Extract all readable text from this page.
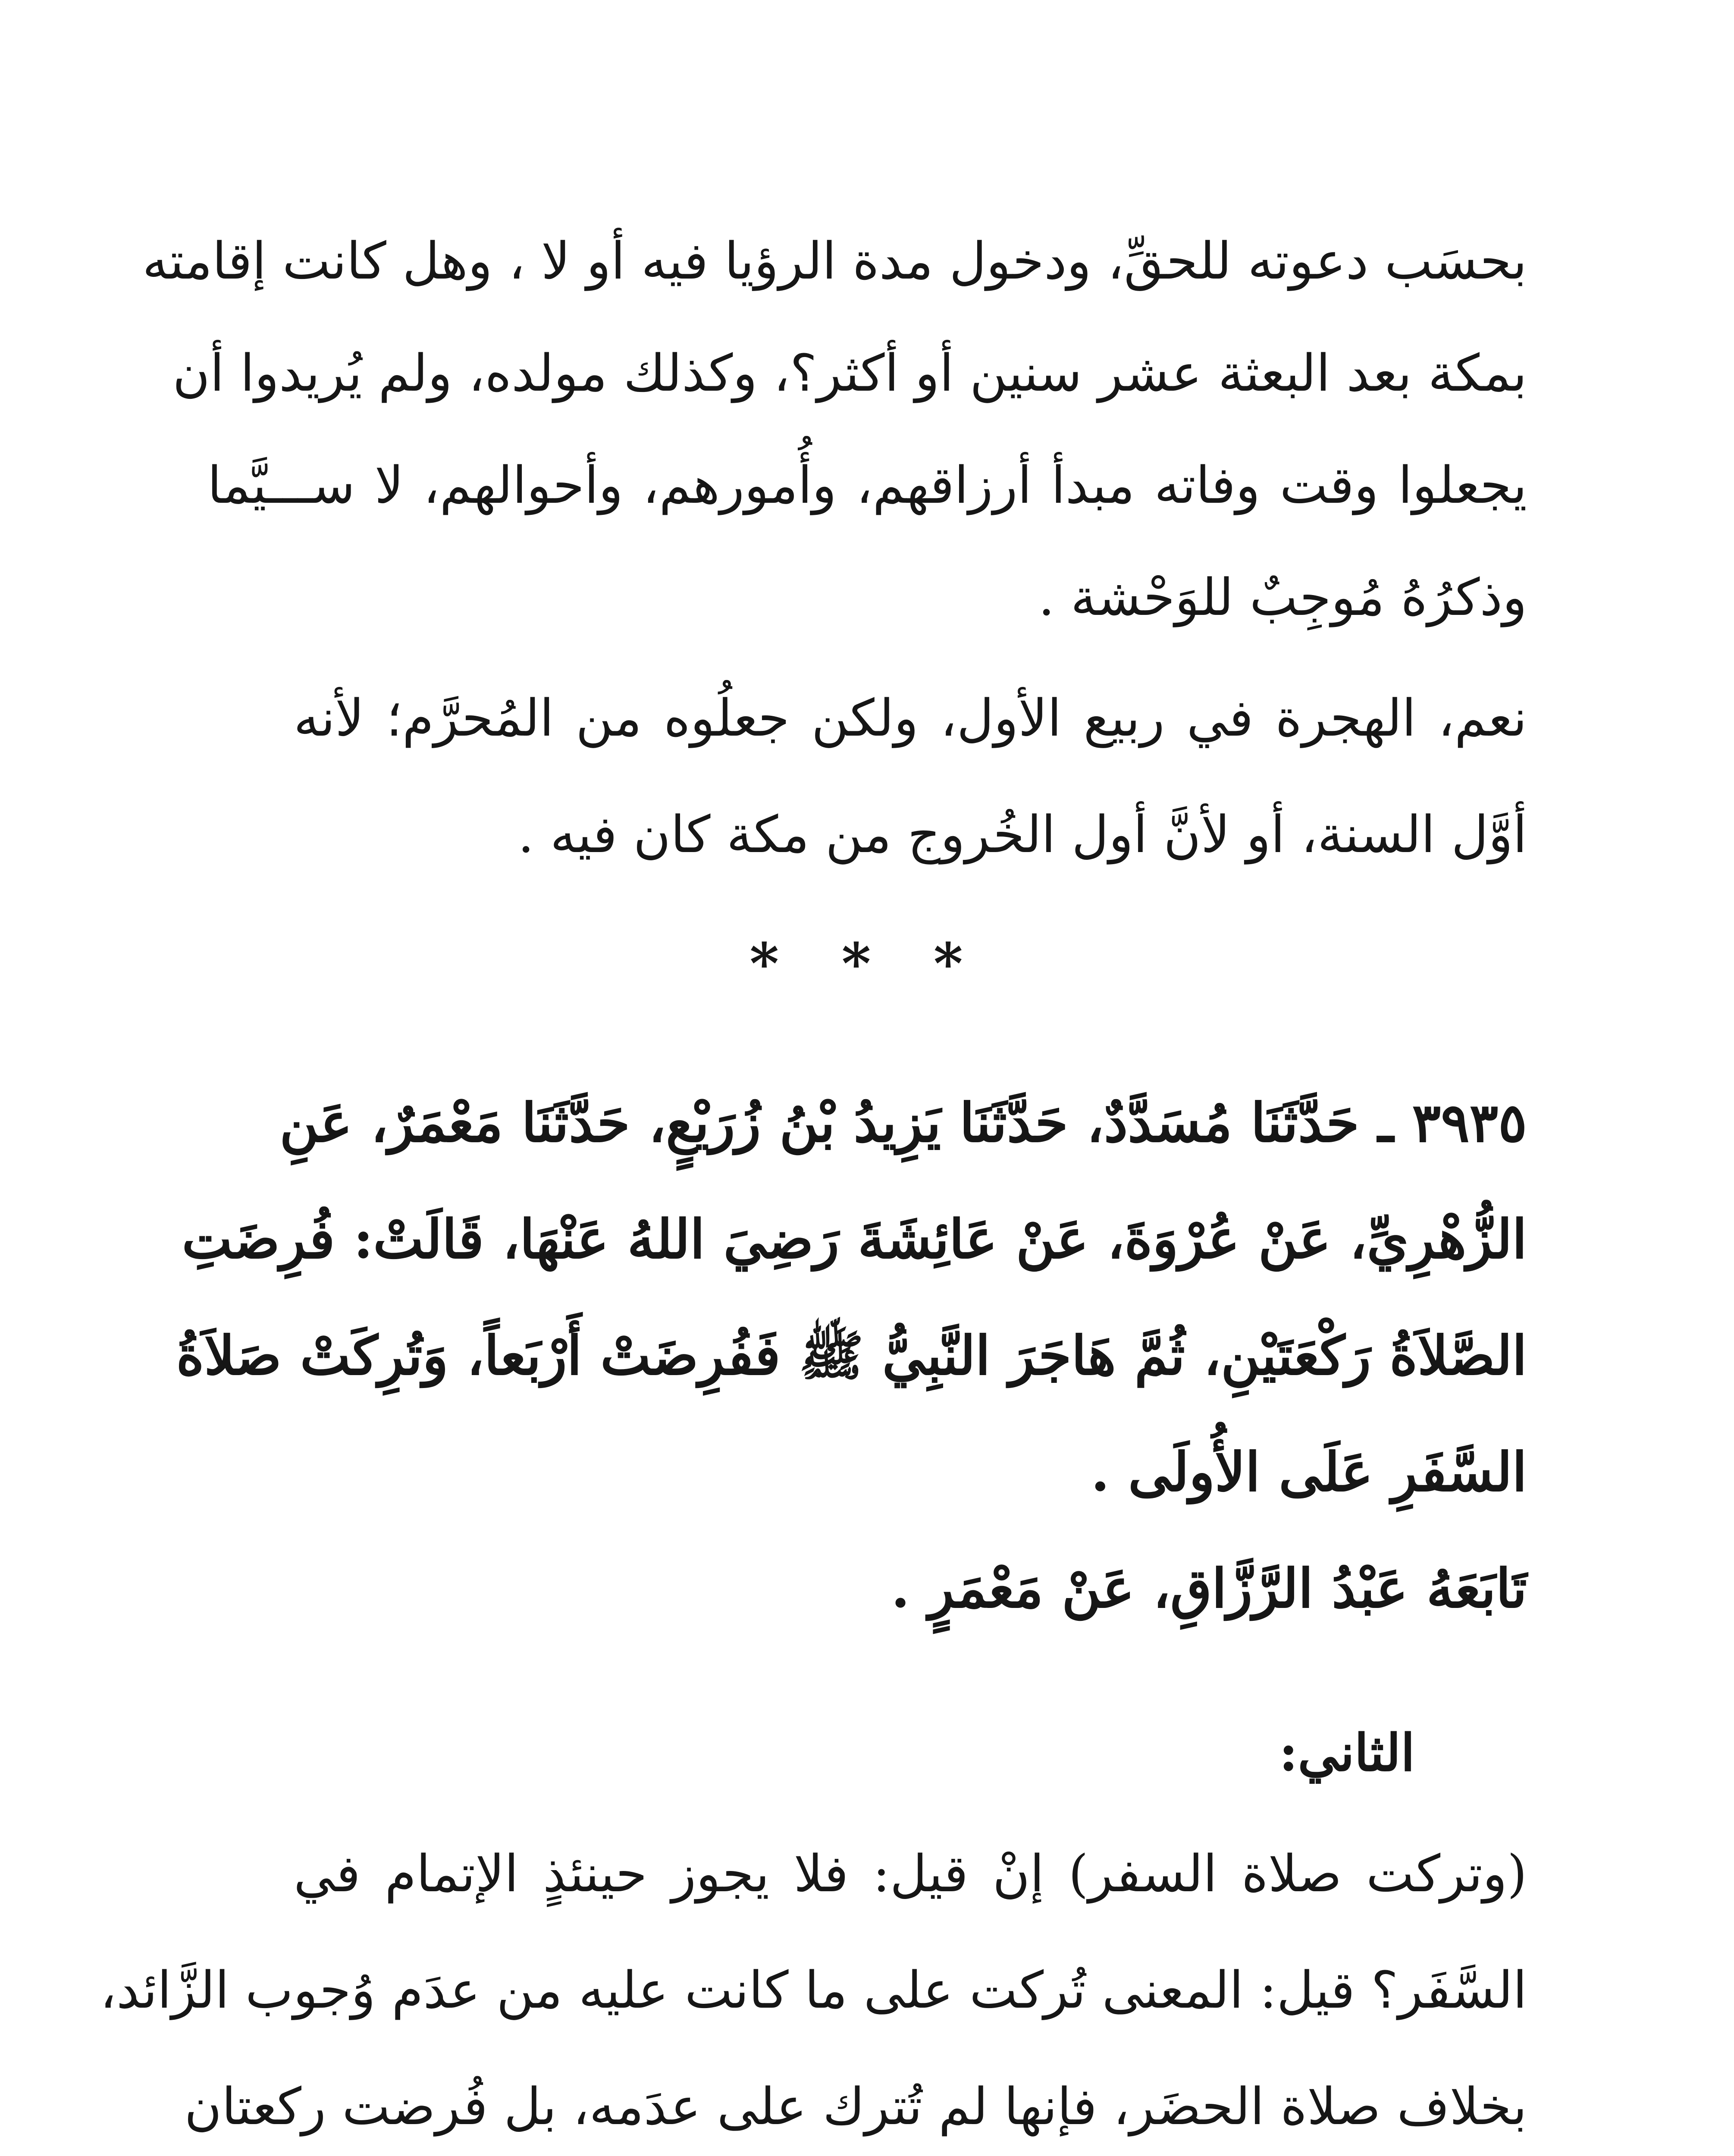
بحسَب دعوته للحقِّ، ودخول مدة الرؤيا فيه أو لا ، وهل كانت إقامته
بمكة بعد البعثة عشر سنين أو أكثر؟، وكذلك مولده، ولم يُريدوا أن
يجعلوا وقت وفاته مبدأ أرزاقهم، وأُمورهم، وأحوالهم، لا ســـيَّما
وذكرُهُ مُوجِبٌ للوَحْشة .
نعم، الهجرة في ربيع الأول، ولكن جعلُوه من المُحرَّم؛ لأنه
أوَّل السنة، أو لأنَّ أول الخُروج من مكة كان فيه .
* * *
٣٩٣٥ ـ حَدَّثَنَا مُسَدَّدٌ، حَدَّثَنَا يَزِيدُ بْنُ زُرَيْعٍ، حَدَّثَنَا مَعْمَرٌ، عَنِ
الزُّهْرِيِّ، عَنْ عُرْوَةَ، عَنْ عَائِشَةَ رَضِيَ اللهُ عَنْهَا، قَالَتْ: فُرِضَتِ
الصَّلاَةُ رَكْعَتَيْنِ، ثُمَّ هَاجَرَ النَّبِيُّ ﷺ فَفُرِضَتْ أَرْبَعاً، وَتُرِكَتْ صَلاَةُ
السَّفَرِ عَلَى الأُولَى .
تَابَعَهُ عَبْدُ الرَّزَّاقِ، عَنْ مَعْمَرٍ .
الثاني:
(وتركت صلاة السفر) إنْ قيل: فلا يجوز حينئذٍ الإتمام في
السَّفَر؟ قيل: المعنى تُركت على ما كانت عليه من عدَم وُجوب الزَّائد،
بخلاف صلاة الحضَر، فإنها لم تُترك على عدَمه، بل فُرضت ركعتان
